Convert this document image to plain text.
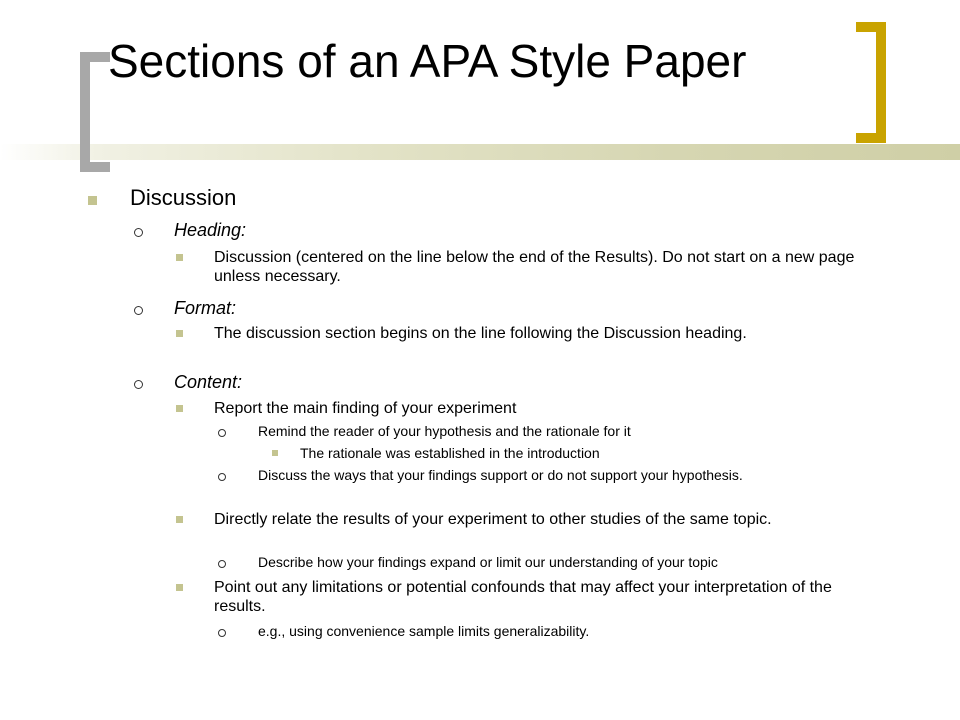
Sections of an APA Style Paper
Discussion
Heading:
Discussion (centered on the line below the end of the Results). Do not start on a new page unless necessary.
Format:
The discussion section begins on the line following the Discussion heading.
Content:
Report the main finding of your experiment
Remind the reader of your hypothesis and the rationale for it
The rationale was established in the introduction
Discuss the ways that your findings support or do not support your hypothesis.
Directly relate the results of your experiment to other studies of the same topic.
Describe how your findings expand or limit our understanding of your topic
Point out any limitations or potential confounds that may affect your interpretation of the results.
e.g., using convenience sample limits generalizability.
